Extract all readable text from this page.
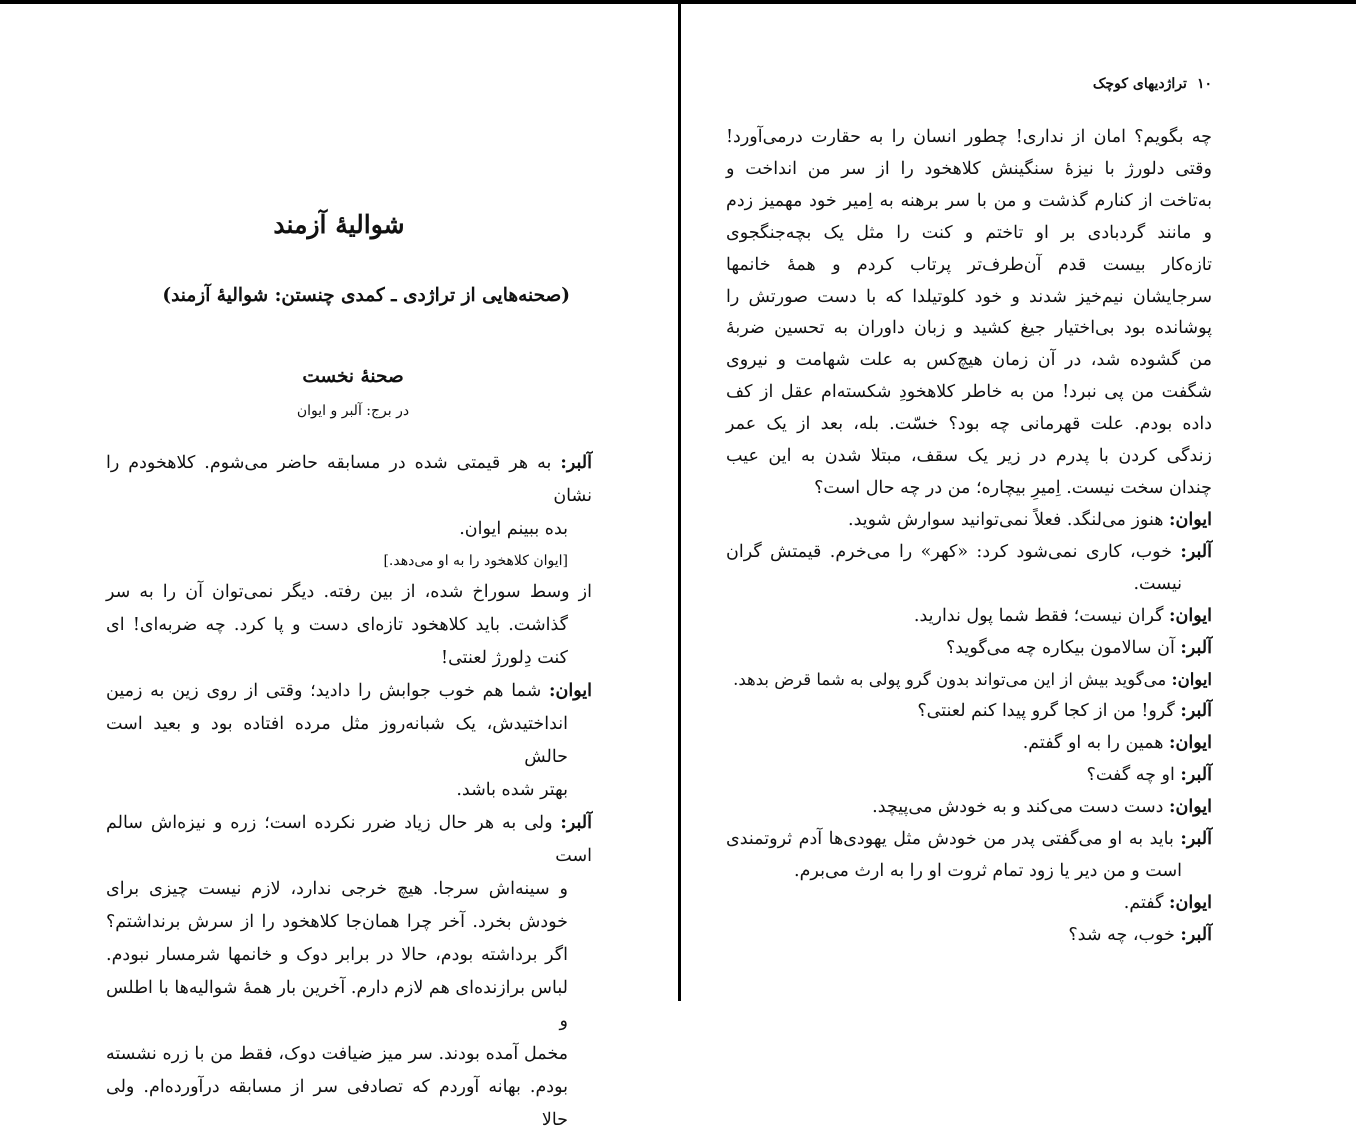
شوالیهٔ آزمند
(صحنه‌هایی از تراژدی ـ کمدی چنستن: شوالیهٔ آزمند)
صحنهٔ نخست
در برج: آلبر و ایوان

آلبر: به هر قیمتی شده در مسابقه حاضر می‌شوم. کلاهخودم را نشان

بده ببینم ایوان.

[ایوان کلاهخود را به او می‌دهد.]

از وسط سوراخ شده، از بین رفته. دیگر نمی‌توان آن را به سر

گذاشت. باید کلاهخود تازه‌ای دست و پا کرد. چه ضربه‌ای! ای

کنت دِلورژ لعنتی!

ایوان: شما هم خوب جوابش را دادید؛ وقتی از روی زین به زمین

انداختیدش، یک شبانه‌روز مثل مرده افتاده بود و بعید است حالش

بهتر شده باشد.

آلبر: ولی به هر حال زیاد ضرر نکرده است؛ زره و نیزه‌اش سالم است

و سینه‌اش سرجا. هیچ خرجی ندارد، لازم نیست چیزی برای

خودش بخرد. آخر چرا همان‌جا کلاهخود را از سرش برنداشتم؟

اگر برداشته بودم، حالا در برابر دوک و خانمها شرمسار نبودم.

لباس برازنده‌ای هم لازم دارم. آخرین بار همهٔ شوالیه‌ها با اطلس و

مخمل آمده بودند. سر میز ضیافت دوک، فقط من با زره نشسته

بودم. بهانه آوردم که تصادفی سر از مسابقه درآورده‌ام. ولی حالا

۱۰تراژدیهای کوچک

چه بگویم؟ امان از نداری! چطور انسان را به حقارت درمی‌آورد!

وقتی دلورژ با نیزهٔ سنگینش کلاهخود را از سر من انداخت و

به‌تاخت از کنارم گذشت و من با سر برهنه به اِمیر خود مهمیز زدم

و مانند گردبادی بر او تاختم و کنت را مثل یک بچه‌جنگجوی

تازه‌کار بیست قدم آن‌طرف‌تر پرتاب کردم و همهٔ خانمها

سرجایشان نیم‌خیز شدند و خود کلوتیلدا که با دست صورتش را

پوشانده بود بی‌اختیار جیغ کشید و زبان داوران به تحسین ضربهٔ

من گشوده شد، در آن زمان هیچ‌کس به علت شهامت و نیروی

شگفت من پی نبرد! من به خاطر کلاهخودِ شکسته‌ام عقل از کف

داده بودم. علت قهرمانی چه بود؟ خسّت. بله، بعد از یک عمر

زندگی کردن با پدرم در زیر یک سقف، مبتلا شدن به این عیب

چندان سخت نیست. اِمیرِ بیچاره؛ من در چه حال است؟

ایوان: هنوز می‌لنگد. فعلاً نمی‌توانید سوارش شوید.

آلبر: خوب، کاری نمی‌شود کرد: «کهر» را می‌خرم. قیمتش گران

نیست.

ایوان: گران نیست؛ فقط شما پول ندارید.

آلبر: آن سالامون بیکاره چه می‌گوید؟

ایوان: می‌گوید بیش از این می‌تواند بدون گرو پولی به شما قرض بدهد.

آلبر: گرو! من از کجا گرو پیدا کنم لعنتی؟

ایوان: همین را به او گفتم.

آلبر: او چه گفت؟

ایوان: دست دست می‌کند و به خودش می‌پیچد.

آلبر: باید به او می‌گفتی پدر من خودش مثل یهودی‌ها آدم ثروتمندی

است و من دیر یا زود تمام ثروت او را به ارث می‌برم.

ایوان: گفتم.

آلبر: خوب، چه شد؟
